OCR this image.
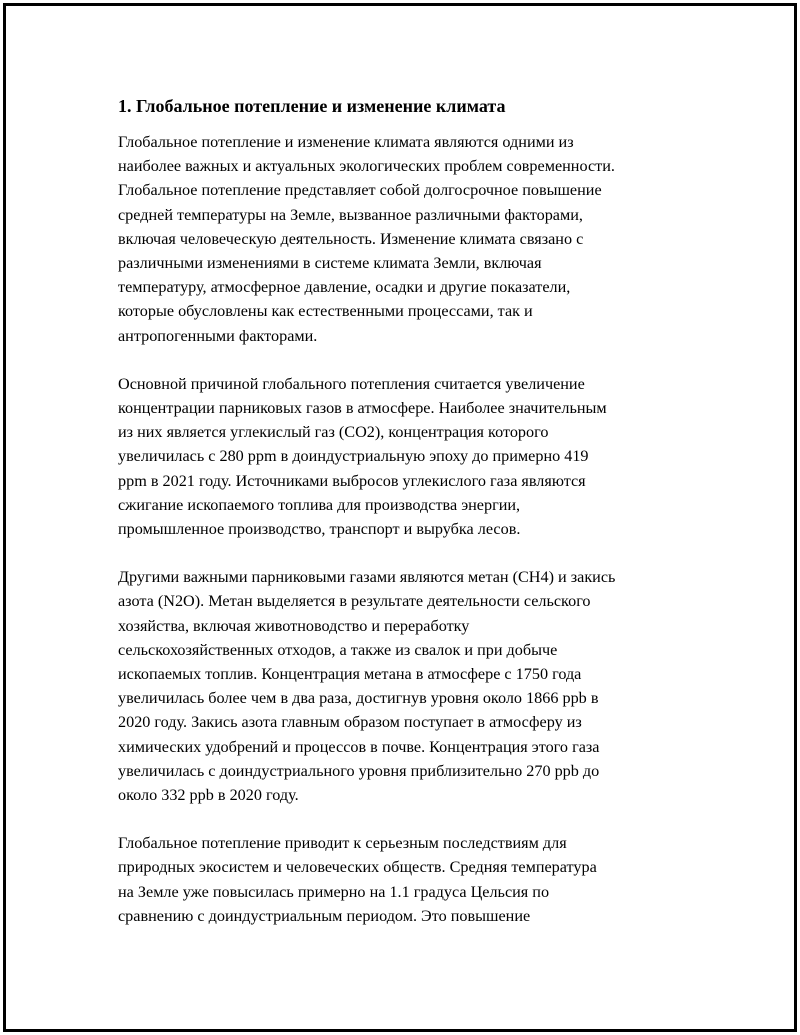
1. Глобальное потепление и изменение климата

Глобальное потепление и изменение климата являются одними из
наиболее важных и актуальных экологических проблем современности.
Глобальное потепление представляет собой долгосрочное повышение
средней температуры на Земле, вызванное различными факторами,
включая человеческую деятельность. Изменение климата связано с
различными изменениями в системе климата Земли, включая
температуру, атмосферное давление, осадки и другие показатели,
которые обусловлены как естественными процессами, так и
антропогенными факторами.

Основной причиной глобального потепления считается увеличение
концентрации парниковых газов в атмосфере. Наиболее значительным
из них является углекислый газ (CO2), концентрация которого
увеличилась с 280 ppm в доиндустриальную эпоху до примерно 419
ppm в 2021 году. Источниками выбросов углекислого газа являются
сжигание ископаемого топлива для производства энергии,
промышленное производство, транспорт и вырубка лесов.

Другими важными парниковыми газами являются метан (CH4) и закись
азота (N2O). Метан выделяется в результате деятельности сельского
хозяйства, включая животноводство и переработку
сельскохозяйственных отходов, а также из свалок и при добыче
ископаемых топлив. Концентрация метана в атмосфере с 1750 года
увеличилась более чем в два раза, достигнув уровня около 1866 ppb в
2020 году. Закись азота главным образом поступает в атмосферу из
химических удобрений и процессов в почве. Концентрация этого газа
увеличилась с доиндустриального уровня приблизительно 270 ppb до
около 332 ppb в 2020 году.

Глобальное потепление приводит к серьезным последствиям для
природных экосистем и человеческих обществ. Средняя температура
на Земле уже повысилась примерно на 1.1 градуса Цельсия по
сравнению с доиндустриальным периодом. Это повышение
